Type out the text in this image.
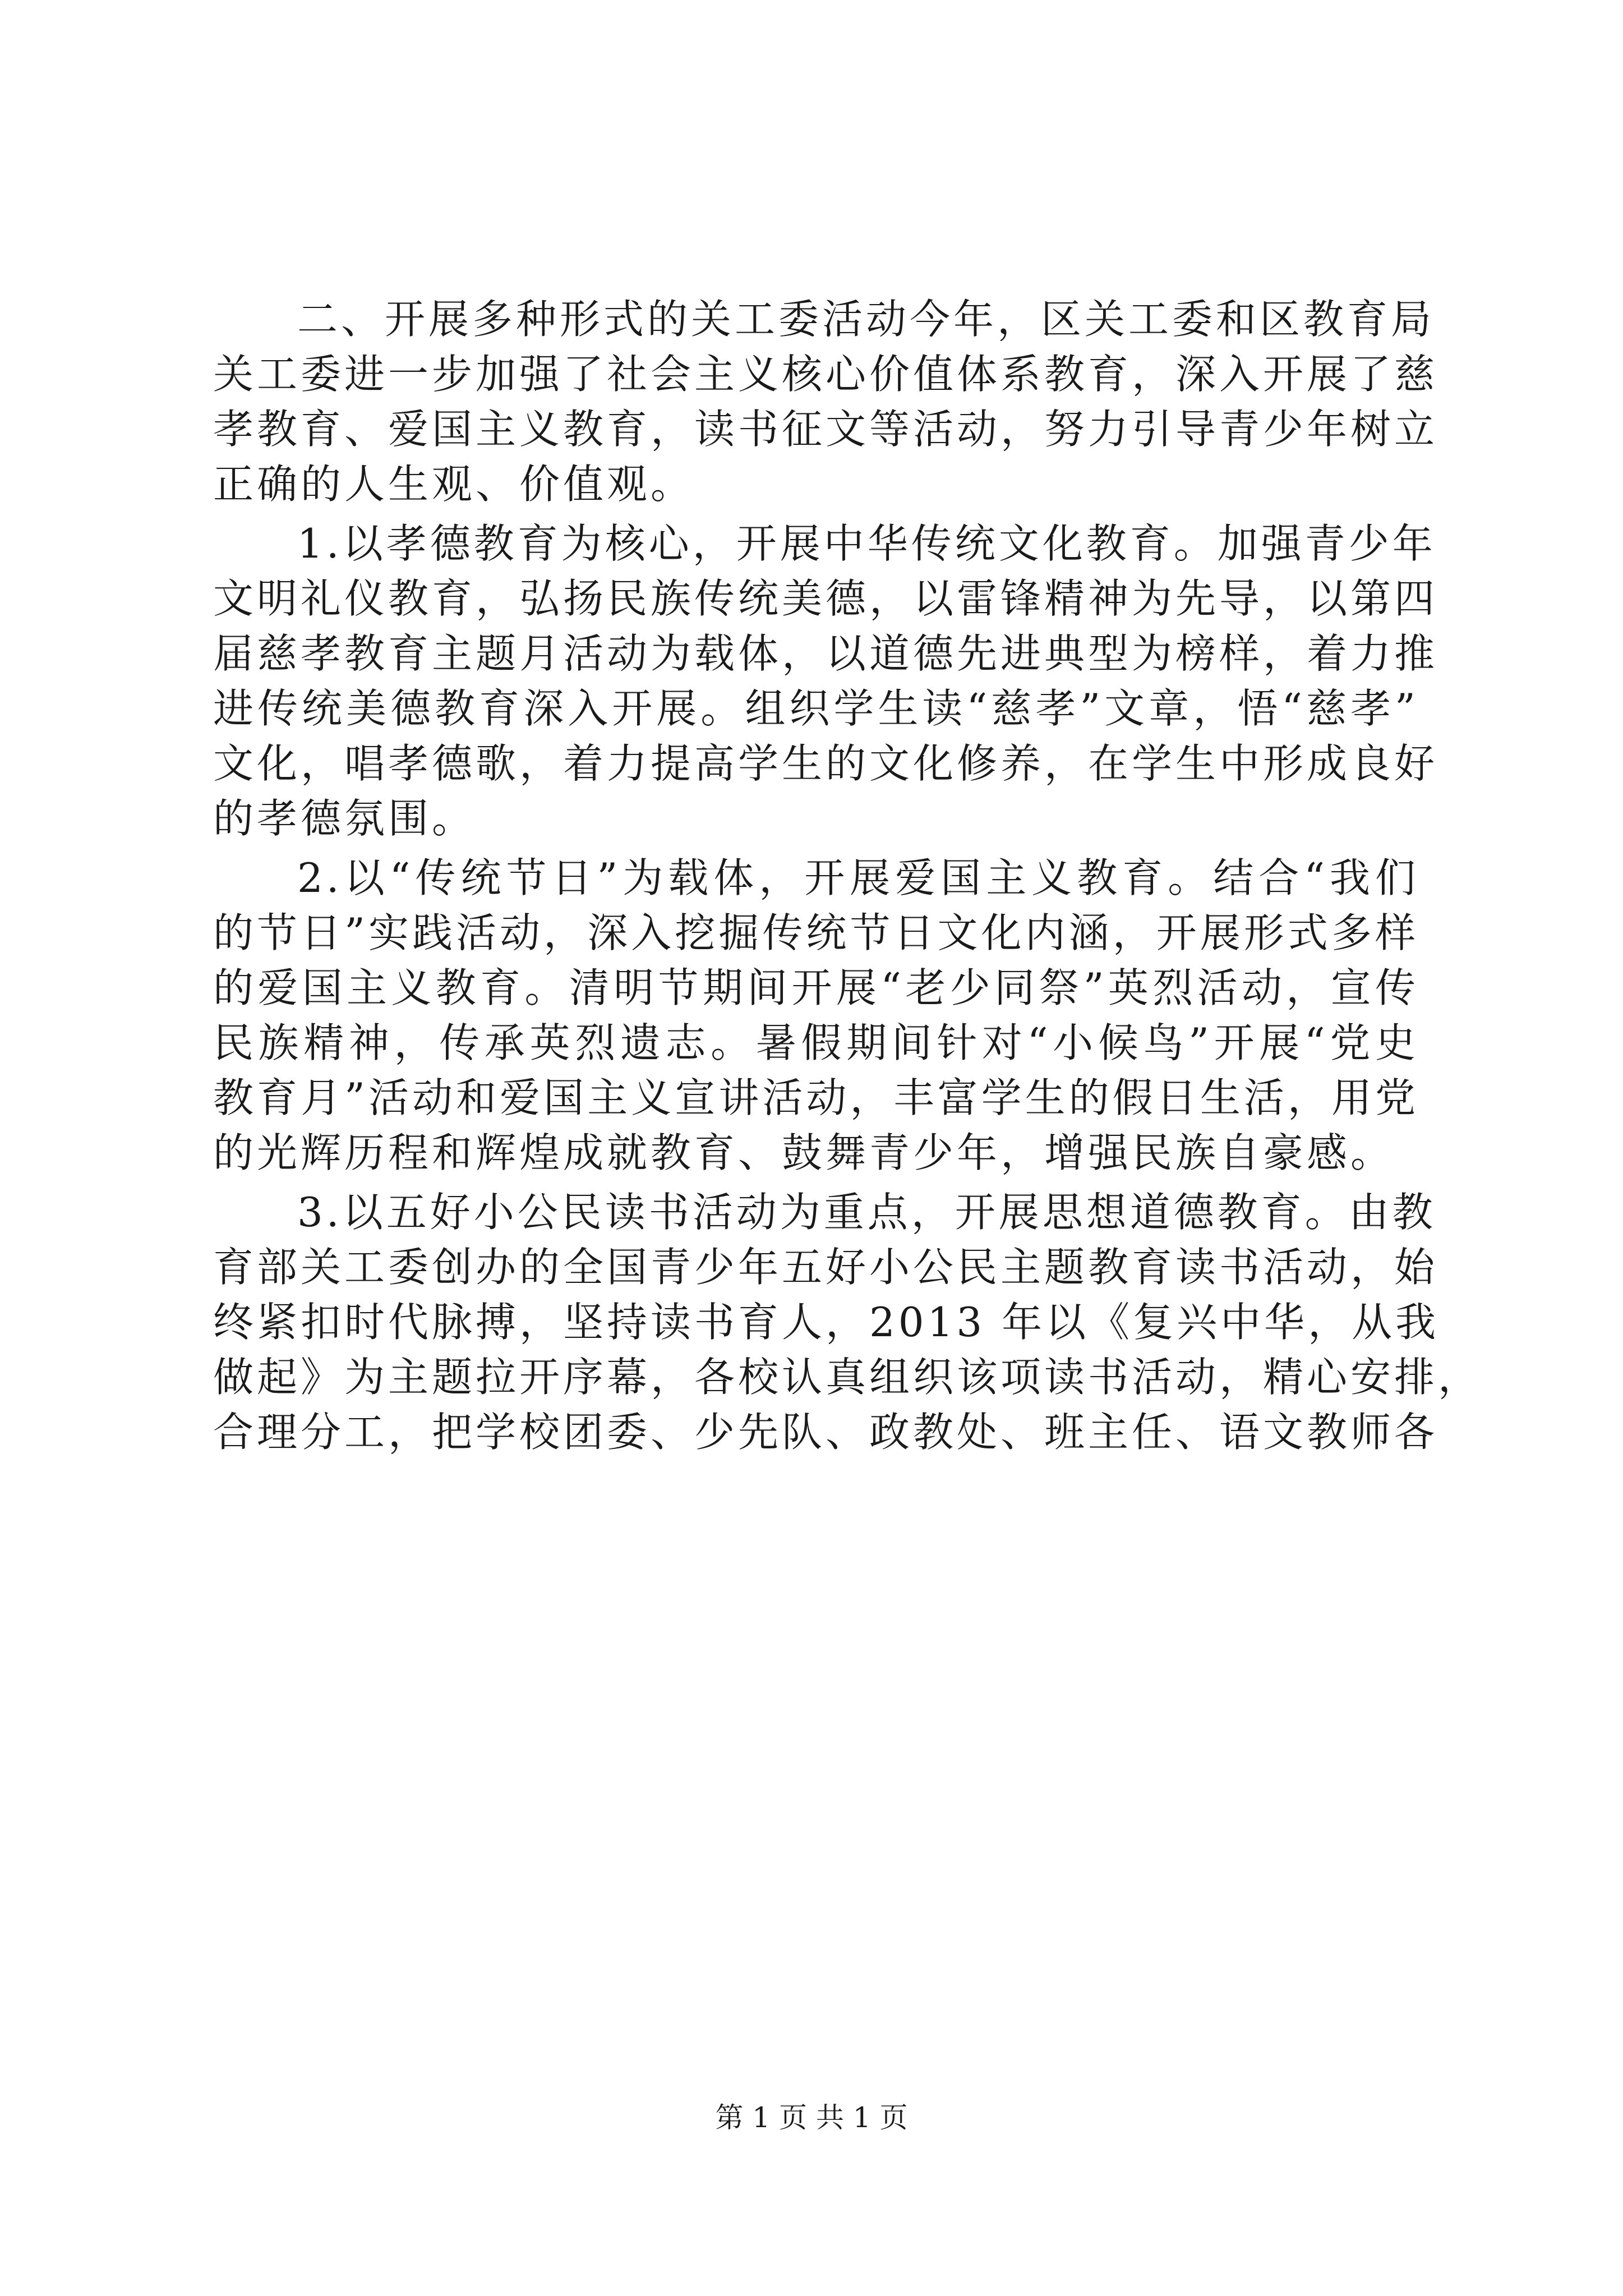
二、开展多种形式的关工委活动今年，区关工委和区教育局
关工委进一步加强了社会主义核心价值体系教育，深入开展了慈
孝教育、爱国主义教育，读书征文等活动，努力引导青少年树立
正确的人生观、价值观。
1.以孝德教育为核心，开展中华传统文化教育。加强青少年
文明礼仪教育，弘扬民族传统美德，以雷锋精神为先导，以第四
届慈孝教育主题月活动为载体，以道德先进典型为榜样，着力推
进传统美德教育深入开展。组织学生读“慈孝”文章，悟“慈孝”
文化，唱孝德歌，着力提高学生的文化修养，在学生中形成良好
的孝德氛围。
2.以“传统节日”为载体，开展爱国主义教育。结合“我们
的节日”实践活动，深入挖掘传统节日文化内涵，开展形式多样
的爱国主义教育。清明节期间开展“老少同祭”英烈活动，宣传
民族精神，传承英烈遗志。暑假期间针对“小候鸟”开展“党史
教育月”活动和爱国主义宣讲活动，丰富学生的假日生活，用党
的光辉历程和辉煌成就教育、鼓舞青少年，增强民族自豪感。
3.以五好小公民读书活动为重点，开展思想道德教育。由教
育部关工委创办的全国青少年五好小公民主题教育读书活动，始
终紧扣时代脉搏，坚持读书育人，2013 年以《复兴中华，从我
做起》为主题拉开序幕，各校认真组织该项读书活动，精心安排，
合理分工，把学校团委、少先队、政教处、班主任、语文教师各
第 1 页 共 1 页
